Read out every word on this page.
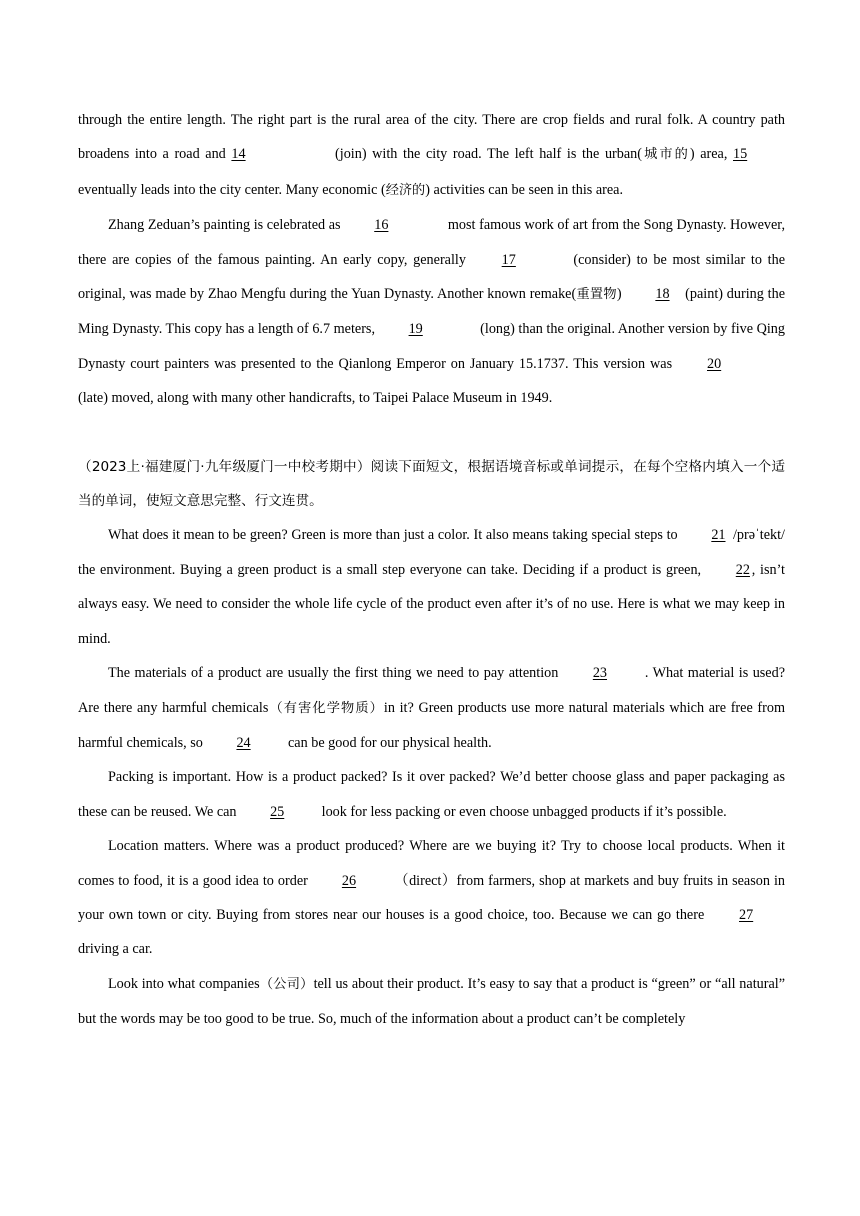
through the entire length. The right part is the rural area of the city. There are crop fields and rural folk. A country path broadens into a road and 14	(join) with the city road. The left half is the urban(城市的) area, 15 eventually leads into the city center. Many economic (经济的) activities can be seen in this area.

Zhang Zeduan’s painting is celebrated as 16	most famous work of art from the Song Dynasty. However, there are copies of the famous painting. An early copy, generally 17	(consider) to be most similar to the original, was made by Zhao Mengfu during the Yuan Dynasty. Another known remake(重置物) 18 (paint) during the Ming Dynasty. This copy has a length of 6.7 meters, 19	(long) than the original. Another version by five Qing Dynasty court painters was presented to the Qianlong Emperor on January 15.1737. This version was 20 (late) moved, along with many other handicrafts, to Taipei Palace Museum in 1949.

（2023上·福建厦门·九年级厦门一中校考期中）阅读下面短文，根据语境音标或单词提示，在每个空格内填入一个适当的单词，使短文意思完整、行文连贯。

What does it mean to be green? Green is more than just a color. It also means taking special steps to 21 /prəˈtekt/ the environment. Buying a green product is a small step everyone can take. Deciding if a product is green, 22 , isn’t always easy. We need to consider the whole life cycle of the product even after it’s of no use. Here is what we may keep in mind.

The materials of a product are usually the first thing we need to pay attention 23	. What material is used? Are there any harmful chemicals（有害化学物质）in it? Green products use more natural materials which are free from harmful chemicals, so 24 can be good for our physical health.

Packing is important. How is a product packed? Is it over packed? We’d better choose glass and paper packaging as these can be reused. We can 25 look for less packing or even choose unbagged products if it’s possible.

Location matters. Where was a product produced? Where are we buying it? Try to choose local products. When it comes to food, it is a good idea to order 26	（direct）from farmers, shop at markets and buy fruits in season in your own town or city. Buying from stores near our houses is a good choice, too. Because we can go there 27 driving a car.

Look into what companies（公司）tell us about their product. It’s easy to say that a product is “green” or “all natural” but the words may be too good to be true. So, much of the information about a product can’t be completely
